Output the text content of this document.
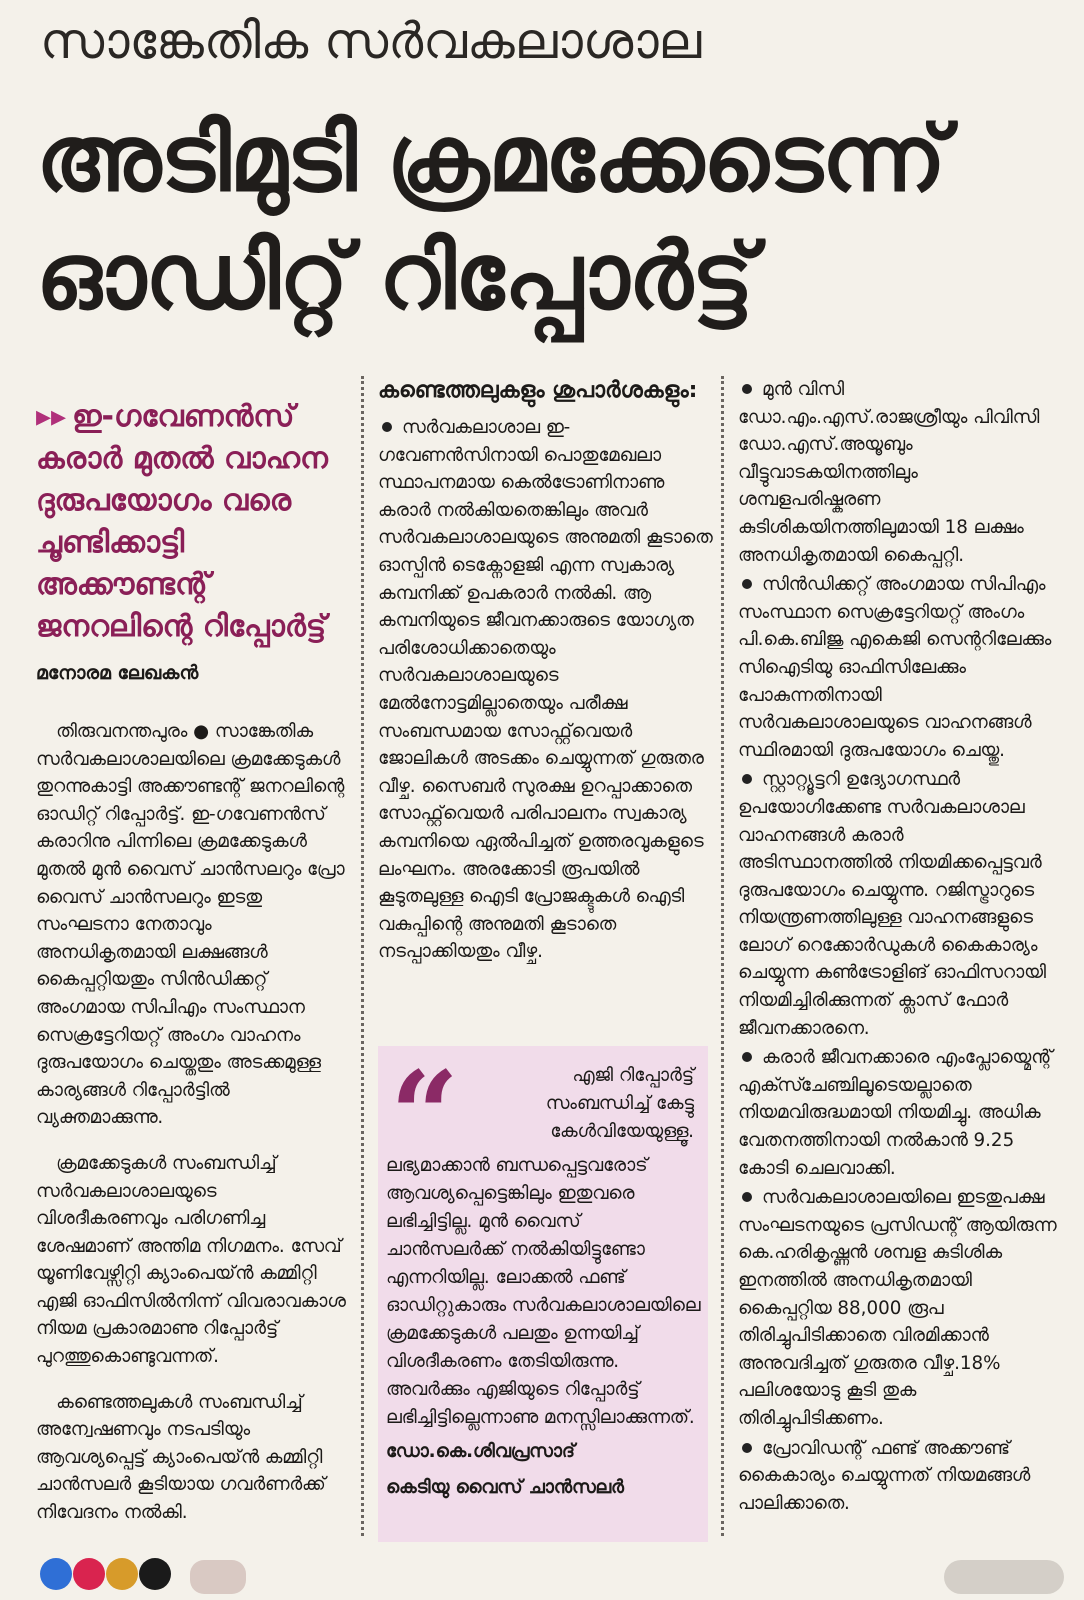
സാങ്കേതിക സർവകലാശാല
അടിമുടി ക്രമക്കേടെന്ന്
ഓഡിറ്റ് റിപ്പോർട്ട്
▸▸ ഇ-ഗവേണൻസ് കരാർ മുതൽ വാഹന ദുരുപയോഗം വരെ ചൂണ്ടിക്കാട്ടി അക്കൗണ്ടന്റ് ജനറലിന്റെ റിപ്പോർട്ട്
മനോരമ ലേഖകൻ

തിരുവനന്തപുരം ● സാങ്കേതിക സർവകലാശാലയിലെ ക്രമക്കേടുകൾ തുറന്നുകാട്ടി അക്കൗണ്ടന്റ് ജനറലിന്റെ ഓഡിറ്റ് റിപ്പോർട്ട്. ഇ-ഗവേണൻസ് കരാറിനു പിന്നിലെ ക്രമക്കേടുകൾ മുതൽ മുൻ വൈസ് ചാൻസലറും പ്രോ വൈസ് ചാൻസലറും ഇടതു സംഘടനാ നേതാവും അനധികൃതമായി ലക്ഷങ്ങൾ കൈപ്പറ്റിയതും സിൻഡിക്കറ്റ് അംഗമായ സിപിഎം സംസ്ഥാന സെക്രട്ടേറിയറ്റ് അംഗം വാഹനം ദുരുപയോഗം ചെയ്തതും അടക്കമുള്ള കാര്യങ്ങൾ റിപ്പോർട്ടിൽ വ്യക്തമാക്കുന്നു.

ക്രമക്കേടുകൾ സംബന്ധിച്ച് സർവകലാശാലയുടെ വിശദീകരണവും പരിഗണിച്ച ശേഷമാണ് അന്തിമ നിഗമനം. സേവ് യൂണിവേഴ്സിറ്റി ക്യാംപെയ്ൻ കമ്മിറ്റി എജി ഓഫിസിൽനിന്ന് വിവരാവകാശ നിയമ പ്രകാരമാണു റിപ്പോർട്ട് പുറത്തുകൊണ്ടുവന്നത്.

കണ്ടെത്തലുകൾ സംബന്ധിച്ച് അന്വേഷണവും നടപടിയും ആവശ്യപ്പെട്ട് ക്യാംപെയ്ൻ കമ്മിറ്റി ചാൻസലർ കൂടിയായ ഗവർണർക്ക് നിവേദനം നൽകി.

കണ്ടെത്തലുകളും ശുപാർശകളും:
സർവകലാശാല ഇ-ഗവേണൻസിനായി പൊതുമേഖലാ സ്ഥാപനമായ കെൽട്രോണിനാണു കരാർ നൽകിയതെങ്കിലും അവർ സർവകലാശാലയുടെ അനുമതി കൂടാതെ ഓസ്പിൻ ടെക്നോളജി എന്ന സ്വകാര്യ കമ്പനിക്ക് ഉപകരാർ നൽകി. ആ കമ്പനിയുടെ ജീവനക്കാരുടെ യോഗ്യത പരിശോധിക്കാതെയും സർവകലാശാലയുടെ മേൽനോട്ടമില്ലാതെയും പരീക്ഷ സംബന്ധമായ സോഫ്റ്റ്‌വെയർ ജോലികൾ അടക്കം ചെയ്യുന്നത് ഗുരുതര വീഴ്ച. സൈബർ സുരക്ഷ ഉറപ്പാക്കാതെ സോഫ്റ്റ്‌വെയർ പരിപാലനം സ്വകാര്യ കമ്പനിയെ ഏൽപിച്ചത് ഉത്തരവുകളുടെ ലംഘനം. അരക്കോടി രൂപയിൽ കൂടുതലുള്ള ഐടി പ്രോജക്ടുകൾ ഐടി വകുപ്പിന്റെ അനുമതി കൂടാതെ നടപ്പാക്കിയതും വീഴ്ച.
“	എജി റിപ്പോർട്ട് സംബന്ധിച്ച് കേട്ടു കേൾവിയേയുള്ളൂ.
ലഭ്യമാക്കാൻ ബന്ധപ്പെട്ടവരോട് ആവശ്യപ്പെട്ടെങ്കിലും ഇതുവരെ ലഭിച്ചിട്ടില്ല. മുൻ വൈസ് ചാൻസലർക്ക് നൽകിയിട്ടുണ്ടോ എന്നറിയില്ല. ലോക്കൽ ഫണ്ട് ഓഡിറ്റുകാരും സർവകലാശാലയിലെ ക്രമക്കേടുകൾ പലതും ഉന്നയിച്ച് വിശദീകരണം തേടിയിരുന്നു. അവർക്കും എജിയുടെ റിപ്പോർട്ട് ലഭിച്ചിട്ടില്ലെന്നാണു മനസ്സിലാക്കുന്നത്.
ഡോ.കെ.ശിവപ്രസാദ്
കെടിയു വൈസ് ചാൻസലർ
മുൻ വിസി ഡോ.എം.എസ്.രാജശ്രീയും പിവിസി ഡോ.എസ്.അയൂബും വീട്ടുവാടകയിനത്തിലും ശമ്പളപരിഷ്കരണ കുടിശികയിനത്തിലുമായി 18 ലക്ഷം അനധികൃതമായി കൈപ്പറ്റി.
സിൻഡിക്കറ്റ് അംഗമായ സിപിഎം സംസ്ഥാന സെക്രട്ടേറിയറ്റ് അംഗം പി.കെ.ബിജു എകെജി സെന്ററിലേക്കും സിഐടിയു ഓഫിസിലേക്കും പോകുന്നതിനായി സർവകലാശാലയുടെ വാഹനങ്ങൾ സ്ഥിരമായി ദുരുപയോഗം ചെയ്തു.
സ്റ്റാറ്റ്യൂട്ടറി ഉദ്യോഗസ്ഥർ ഉപയോഗിക്കേണ്ട സർവകലാശാല വാഹനങ്ങൾ കരാർ അടിസ്ഥാനത്തിൽ നിയമിക്കപ്പെട്ടവർ ദുരുപയോഗം ചെയ്യുന്നു. റജിസ്ട്രാറുടെ നിയന്ത്രണത്തിലുള്ള വാഹനങ്ങളുടെ ലോഗ് റെക്കോർഡുകൾ കൈകാര്യം ചെയ്യുന്ന കൺട്രോളിങ് ഓഫിസറായി നിയമിച്ചിരിക്കുന്നത് ക്ലാസ് ഫോർ ജീവനക്കാരനെ.
കരാർ ജീവനക്കാരെ എംപ്ലോയ്മെന്റ് എക്സ്ചേഞ്ചിലൂടെയല്ലാതെ നിയമവിരുദ്ധമായി നിയമിച്ചു. അധിക വേതനത്തിനായി നൽകാൻ 9.25 കോടി ചെലവാക്കി.
സർവകലാശാലയിലെ ഇടതുപക്ഷ സംഘടനയുടെ പ്രസിഡന്റ് ആയിരുന്ന കെ.ഹരികൃഷ്ണൻ ശമ്പള കുടിശിക ഇനത്തിൽ അനധികൃതമായി കൈപ്പറ്റിയ 88,000 രൂപ തിരിച്ചുപിടിക്കാതെ വിരമിക്കാൻ അനുവദിച്ചത് ഗുരുതര വീഴ്ച.18% പലിശയോടു കൂടി തുക തിരിച്ചുപിടിക്കണം.
പ്രോവിഡന്റ് ഫണ്ട് അക്കൗണ്ട് കൈകാര്യം ചെയ്യുന്നത് നിയമങ്ങൾ പാലിക്കാതെ.
